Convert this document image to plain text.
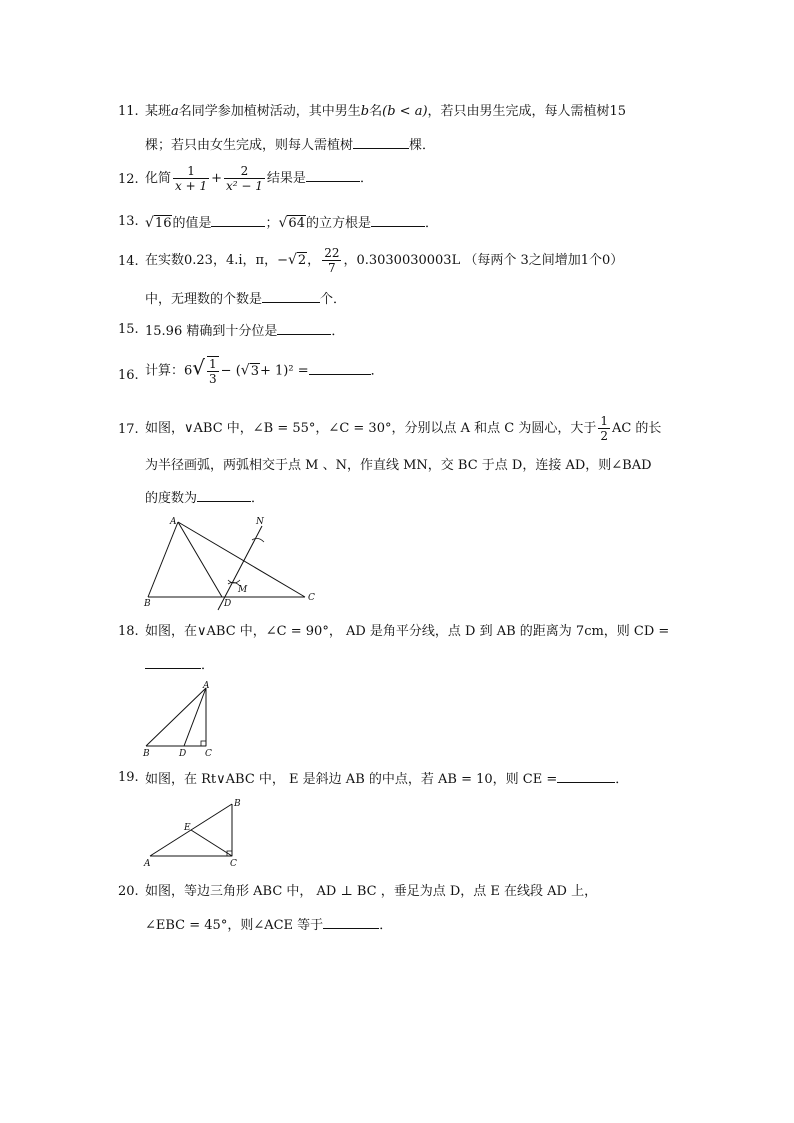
11. 某班a名同学参加植树活动，其中男生b名(b < a)，若只由男生完成，每人需植树15
棵；若只由女生完成，则每人需植树	棵．
12. 化简 $\frac{1}{x + 1} + \frac{2}{\text{x² − 1}}$ 结果是	．
13. √16的值是	；√64的立方根是	．
14. 在实数0.23，4.i̇，π，−√2， $\frac{22}{7}$ ，0.3030030003L （每两个 3之间增加1个0）
中，无理数的个数是	个．
15. 15.96 精确到十分位是	．
16. 计算：$6√ \frac{1}{3} - (√3+ 1)^2$ =	．
17. 如图，∨ABC 中，∠B = 55°，∠C = 30°，分别以点 A 和点 C 为圆心，大于 $\frac{1}{2}$ AC 的长
为半径画弧，两弧相交于点 M 、N，作直线 MN，交 BC 于点 D，连接 AD，则∠BAD
的度数为	．
A
B
C
D
M
N
18. 如图，在∨ABC 中，∠C = 90°， AD 是角平分线，点 D 到 AB 的距离为 7cm，则 CD =
．
A
B	D C
19. 如图，在 Rt∨ABC 中， E 是斜边 AB 的中点，若 AB = 10，则 CE =	．
B
E
A	C
20. 如图，等边三角形 ABC 中， AD ⊥ BC ，垂足为点 D，点 E 在线段 AD 上，
∠EBC = 45°，则∠ACE 等于	．
